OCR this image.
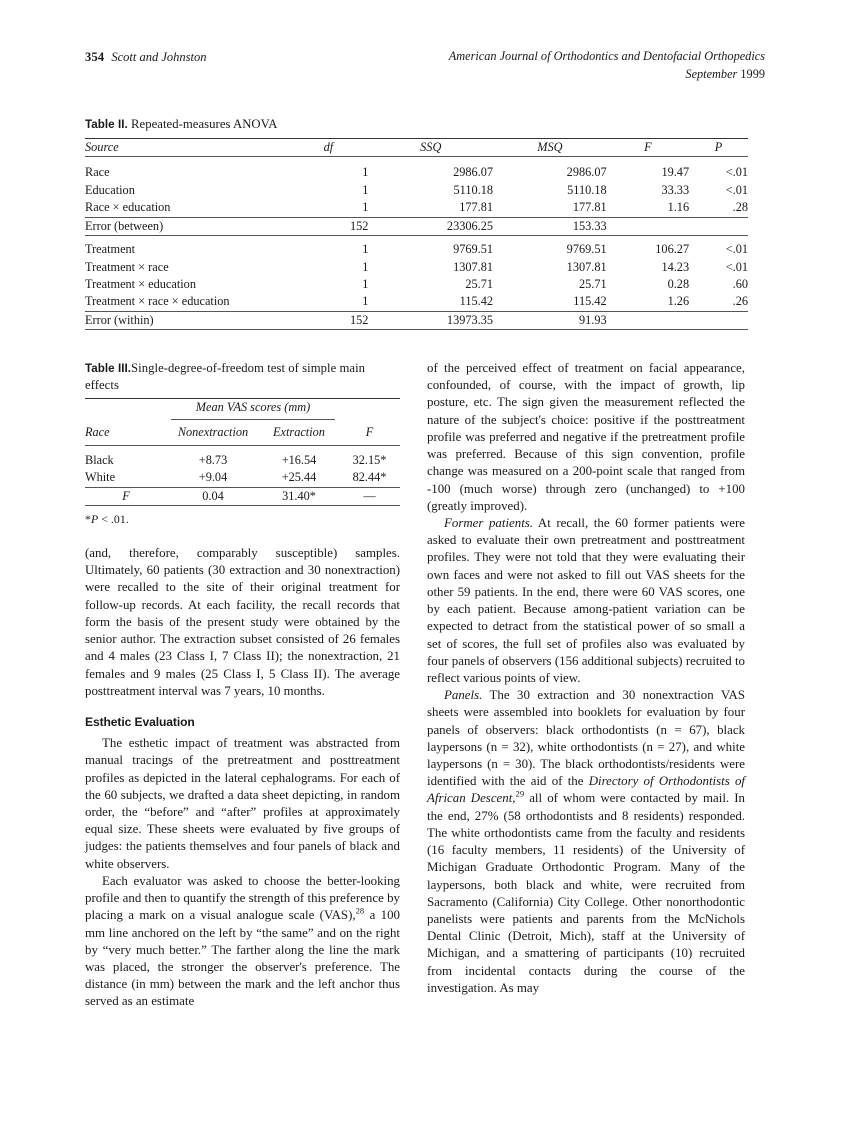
354 Scott and Johnston	American Journal of Orthodontics and Dentofacial Orthopedics
September 1999
Table II. Repeated-measures ANOVA
Source	df	SSQ	MSQ	F	P

Race	1	2986.07	2986.07	19.47	<.01
Education	1	5110.18	5110.18	33.33	<.01
Race × education	1	177.81	177.81	1.16	.28
Error (between)	152	23306.25	153.33		

Treatment	1	9769.51	9769.51	106.27	<.01
Treatment × race	1	1307.81	1307.81	14.23	<.01
Treatment × education	1	25.71	25.71	0.28	.60
Treatment × race × education	1	115.42	115.42	1.26	.26
Error (within)	152	13973.35	91.93		

Table III.Single-degree-of-freedom test of simple main effects
	Mean VAS scores (mm)		
Race	Nonextraction	Extraction	F

Black	+8.73	+16.54	32.15*
White	+9.04	+25.44	82.44*
F	0.04	31.40*	—

*P < .01.

(and, therefore, comparably susceptible) samples. Ultimately, 60 patients (30 extraction and 30 nonextraction) were recalled to the site of their original treatment for follow-up records. At each facility, the recall records that form the basis of the present study were obtained by the senior author. The extraction subset consisted of 26 females and 4 males (23 Class I, 7 Class II); the nonextraction, 21 females and 9 males (25 Class I, 5 Class II). The average posttreatment interval was 7 years, 10 months.

Esthetic Evaluation

The esthetic impact of treatment was abstracted from manual tracings of the pretreatment and posttreatment profiles as depicted in the lateral cephalograms. For each of the 60 subjects, we drafted a data sheet depicting, in random order, the “before” and “after” profiles at approximately equal size. These sheets were evaluated by five groups of judges: the patients themselves and four panels of black and white observers.

Each evaluator was asked to choose the better-looking profile and then to quantify the strength of this preference by placing a mark on a visual analogue scale (VAS),$^{28}$ a 100 mm line anchored on the left by “the same” and on the right by “very much better.” The farther along the line the mark was placed, the stronger the observer's preference. The distance (in mm) between the mark and the left anchor thus served as an estimate

of the perceived effect of treatment on facial appearance, confounded, of course, with the impact of growth, lip posture, etc. The sign given the measurement reflected the nature of the subject's choice: positive if the posttreatment profile was preferred and negative if the pretreatment profile was preferred. Because of this sign convention, profile change was measured on a 200-point scale that ranged from -100 (much worse) through zero (unchanged) to +100 (greatly improved).

Former patients. At recall, the 60 former patients were asked to evaluate their own pretreatment and posttreatment profiles. They were not told that they were evaluating their own faces and were not asked to fill out VAS sheets for the other 59 patients. In the end, there were 60 VAS scores, one by each patient. Because among-patient variation can be expected to detract from the statistical power of so small a set of scores, the full set of profiles also was evaluated by four panels of observers (156 additional subjects) recruited to reflect various points of view.

Panels. The 30 extraction and 30 nonextraction VAS sheets were assembled into booklets for evaluation by four panels of observers: black orthodontists (n = 67), black laypersons (n = 32), white orthodontists (n = 27), and white laypersons (n = 30). The black orthodontists/residents were identified with the aid of the Directory of Orthodontists of African Descent,$^{29}$ all of whom were contacted by mail. In the end, 27% (58 orthodontists and 8 residents) responded. The white orthodontists came from the faculty and residents (16 faculty members, 11 residents) of the University of Michigan Graduate Orthodontic Program. Many of the laypersons, both black and white, were recruited from Sacramento (California) City College. Other nonorthodontic panelists were patients and parents from the McNichols Dental Clinic (Detroit, Mich), staff at the University of Michigan, and a smattering of participants (10) recruited from incidental contacts during the course of the investigation. As may
